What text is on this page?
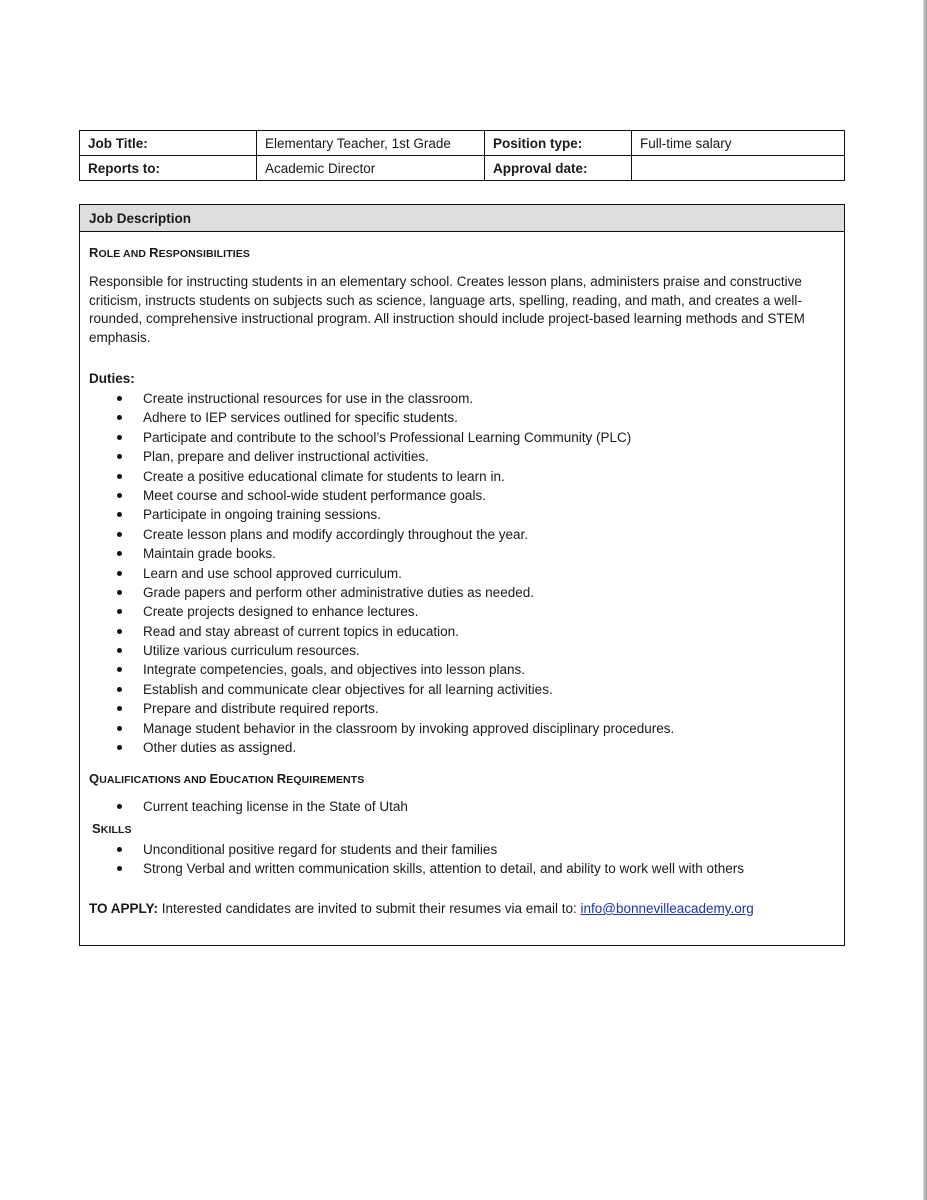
Job Title:	Elementary Teacher, 1st Grade	Position type:	Full-time salary
Reports to:	Academic Director	Approval date:	
Job Description
ROLE AND RESPONSIBILITIES
Responsible for instructing students in an elementary school. Creates lesson plans, administers praise and constructive criticism, instructs students on subjects such as science, language arts, spelling, reading, and math, and creates a well-rounded, comprehensive instructional program. All instruction should include project-based learning methods and STEM emphasis.
Duties:
Create instructional resources for use in the classroom.
Adhere to IEP services outlined for specific students.
Participate and contribute to the school’s Professional Learning Community (PLC)
Plan, prepare and deliver instructional activities.
Create a positive educational climate for students to learn in.
Meet course and school-wide student performance goals.
Participate in ongoing training sessions.
Create lesson plans and modify accordingly throughout the year.
Maintain grade books.
Learn and use school approved curriculum.
Grade papers and perform other administrative duties as needed.
Create projects designed to enhance lectures.
Read and stay abreast of current topics in education.
Utilize various curriculum resources.
Integrate competencies, goals, and objectives into lesson plans.
Establish and communicate clear objectives for all learning activities.
Prepare and distribute required reports.
Manage student behavior in the classroom by invoking approved disciplinary procedures.
Other duties as assigned.
QUALIFICATIONS AND EDUCATION REQUIREMENTS
Current teaching license in the State of Utah
SKILLS
Unconditional positive regard for students and their families
Strong Verbal and written communication skills, attention to detail, and ability to work well with others
TO APPLY: Interested candidates are invited to submit their resumes via email to: info@bonnevilleacademy.org
